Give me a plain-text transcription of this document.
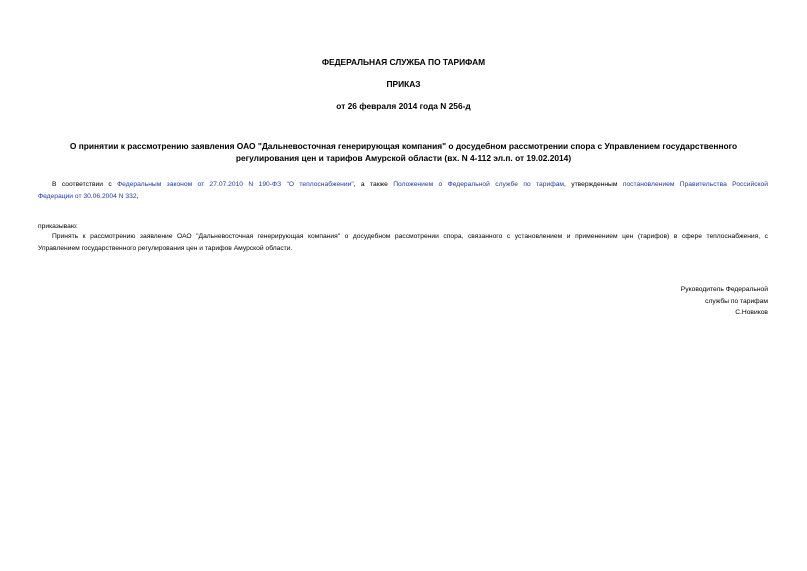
ФЕДЕРАЛЬНАЯ СЛУЖБА ПО ТАРИФАМ
ПРИКАЗ
от 26 февраля 2014 года N 256-д
О принятии к рассмотрению заявления ОАО "Дальневосточная генерирующая компания" о досудебном рассмотрении спора с Управлением государственного
регулирования цен и тарифов Амурской области (вх. N 4-112 эл.п. от 19.02.2014)
В соответствии с Федеральным законом от 27.07.2010 N 190-ФЗ "О теплоснабжении", а также Положением о Федеральной службе по тарифам, утвержденным постановлением Правительства Российской
Федерации от 30.06.2004 N 332,
приказываю:
Принять к рассмотрению заявление ОАО "Дальневосточная генерирующая компания" о досудебном рассмотрении спора, связанного с установлением и применением цен (тарифов) в сфере теплоснабжения, с
Управлением государственного регулирования цен и тарифов Амурской области.
Руководитель Федеральной
службы по тарифам
С.Новиков
